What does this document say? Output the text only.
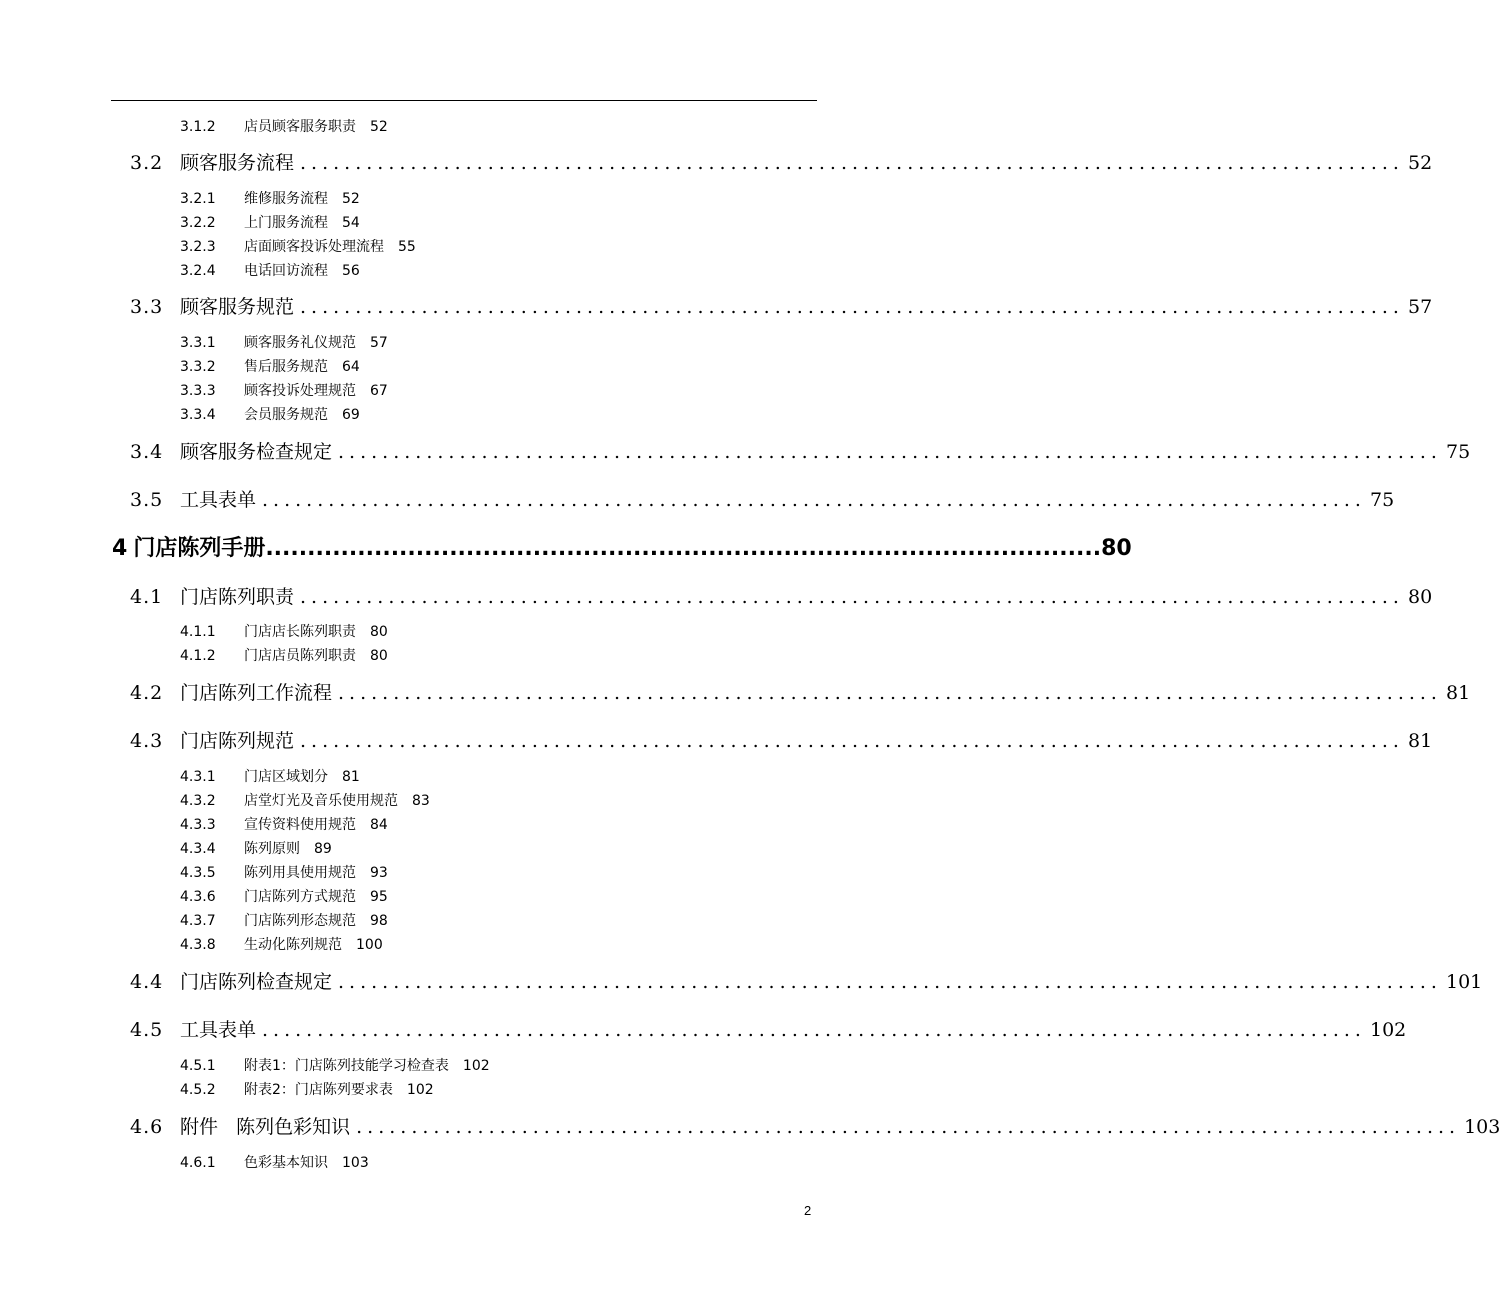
3.1.2 店员顾客服务职责 52
3.2 顾客服务流程 .................................................................................................... 52
3.2.1 维修服务流程 52
3.2.2 上门服务流程 54
3.2.3 店面顾客投诉处理流程 55
3.2.4 电话回访流程 56
3.3 顾客服务规范 .................................................................................................... 57
3.3.1 顾客服务礼仪规范 57
3.3.2 售后服务规范 64
3.3.3 顾客投诉处理规范 67
3.3.4 会员服务规范 69
3.4 顾客服务检查规定 .................................................................................................... 75
3.5 工具表单 .................................................................................................... 75
4 门店陈列手册 .................................................................................................... 80
4.1 门店陈列职责 .................................................................................................... 80
4.1.1 门店店长陈列职责 80
4.1.2 门店店员陈列职责 80
4.2 门店陈列工作流程 .................................................................................................... 81
4.3 门店陈列规范 .................................................................................................... 81
4.3.1 门店区域划分 81
4.3.2 店堂灯光及音乐使用规范 83
4.3.3 宣传资料使用规范 84
4.3.4 陈列原则 89
4.3.5 陈列用具使用规范 93
4.3.6 门店陈列方式规范 95
4.3.7 门店陈列形态规范 98
4.3.8 生动化陈列规范 100
4.4 门店陈列检查规定 .................................................................................................... 101
4.5 工具表单 .................................................................................................... 102
4.5.1 附表1：门店陈列技能学习检查表 102
4.5.2 附表2：门店陈列要求表 102
4.6 附件   陈列色彩知识 .................................................................................................... 103
4.6.1 色彩基本知识 103
2
